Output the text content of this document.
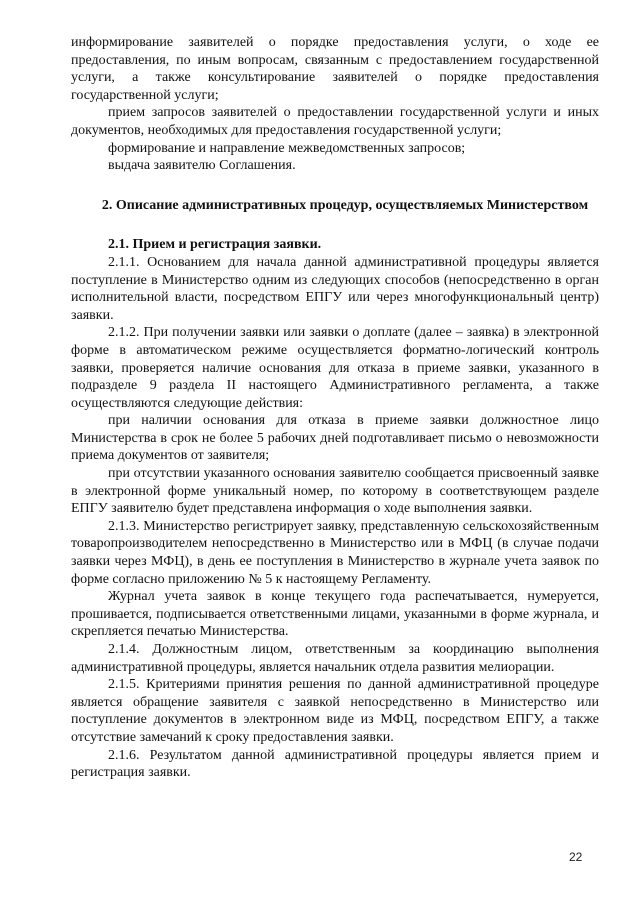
информирование заявителей о порядке предоставления услуги, о ходе ее предоставления, по иным вопросам, связанным с предоставлением государственной услуги, а также консультирование заявителей о порядке предоставления государственной услуги;

прием запросов заявителей о предоставлении государственной услуги и иных документов, необходимых для предоставления государственной услуги;

формирование и направление межведомственных запросов;

выдача заявителю Соглашения.

2. Описание административных процедур, осуществляемых Министерством

2.1. Прием и регистрация заявки.

2.1.1. Основанием для начала данной административной процедуры является поступление в Министерство одним из следующих способов (непосредственно в орган исполнительной власти, посредством ЕПГУ или через многофункциональный центр) заявки.

2.1.2. При получении заявки или заявки о доплате (далее – заявка) в электронной форме в автоматическом режиме осуществляется форматно-логический контроль заявки, проверяется наличие основания для отказа в приеме заявки, указанного в подразделе 9 раздела II настоящего Административного регламента, а также осуществляются следующие действия:

при наличии основания для отказа в приеме заявки должностное лицо Министерства в срок не более 5 рабочих дней подготавливает письмо о невозможности приема документов от заявителя;

при отсутствии указанного основания заявителю сообщается присвоенный заявке в электронной форме уникальный номер, по которому в соответствующем разделе ЕПГУ заявителю будет представлена информация о ходе выполнения заявки.

2.1.3. Министерство регистрирует заявку, представленную сельскохозяйственным товаропроизводителем непосредственно в Министерство или в МФЦ (в случае подачи заявки через МФЦ), в день ее поступления в Министерство в журнале учета заявок по форме согласно приложению № 5 к настоящему Регламенту.

Журнал учета заявок в конце текущего года распечатывается, нумеруется, прошивается, подписывается ответственными лицами, указанными в форме журнала, и скрепляется печатью Министерства.

2.1.4. Должностным лицом, ответственным за координацию выполнения административной процедуры, является начальник отдела развития мелиорации.

2.1.5. Критериями принятия решения по данной административной процедуре является обращение заявителя с заявкой непосредственно в Министерство или поступление документов в электронном виде из МФЦ, посредством ЕПГУ, а также отсутствие замечаний к сроку предоставления заявки.

2.1.6. Результатом данной административной процедуры является прием и регистрация заявки.

22
